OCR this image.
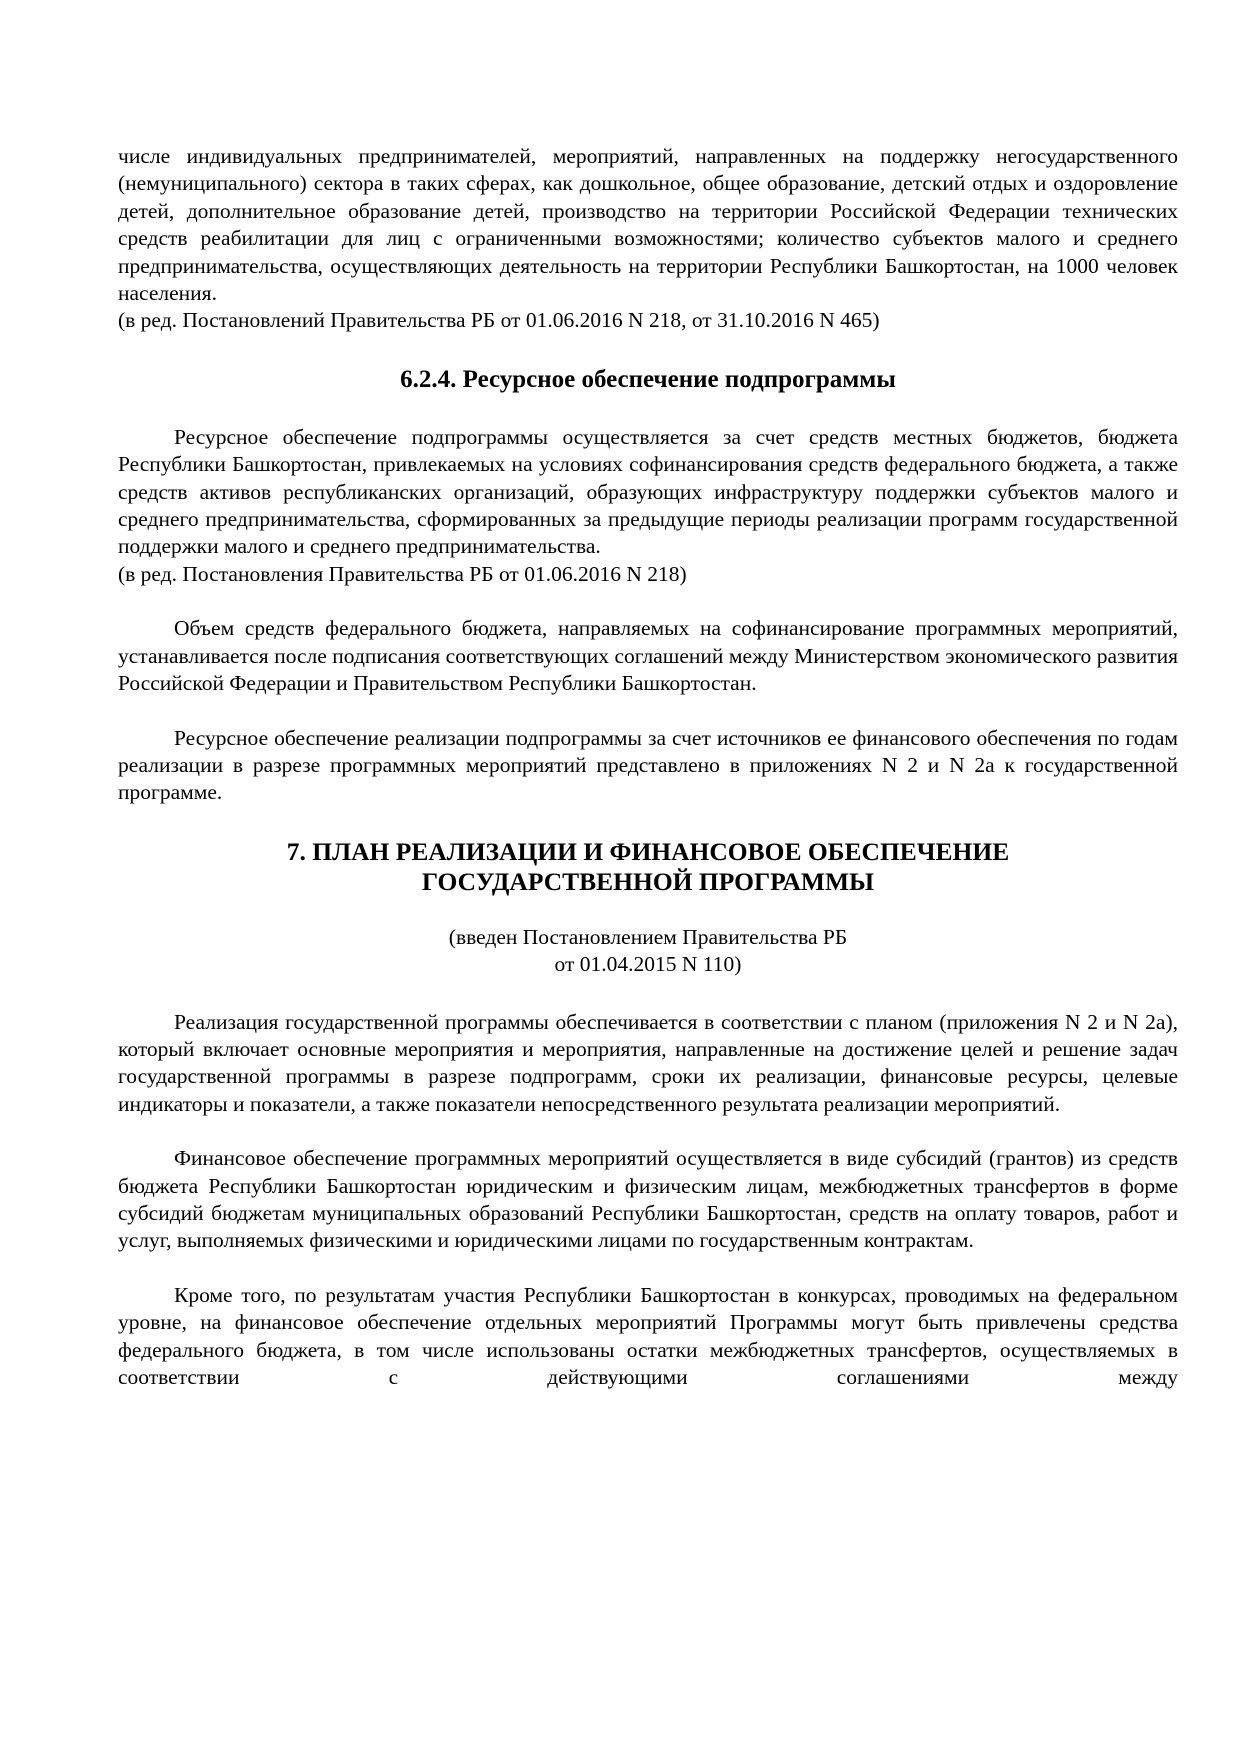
числе индивидуальных предпринимателей, мероприятий, направленных на поддержку негосударственного (немуниципального) сектора в таких сферах, как дошкольное, общее образование, детский отдых и оздоровление детей, дополнительное образование детей, производство на территории Российской Федерации технических средств реабилитации для лиц с ограниченными возможностями; количество субъектов малого и среднего предпринимательства, осуществляющих деятельность на территории Республики Башкортостан, на 1000 человек населения.

(в ред. Постановлений Правительства РБ от 01.06.2016 N 218, от 31.10.2016 N 465)

6.2.4. Ресурсное обеспечение подпрограммы

Ресурсное обеспечение подпрограммы осуществляется за счет средств местных бюджетов, бюджета Республики Башкортостан, привлекаемых на условиях софинансирования средств федерального бюджета, а также средств активов республиканских организаций, образующих инфраструктуру поддержки субъектов малого и среднего предпринимательства, сформированных за предыдущие периоды реализации программ государственной поддержки малого и среднего предпринимательства.

(в ред. Постановления Правительства РБ от 01.06.2016 N 218)

Объем средств федерального бюджета, направляемых на софинансирование программных мероприятий, устанавливается после подписания соответствующих соглашений между Министерством экономического развития Российской Федерации и Правительством Республики Башкортостан.

Ресурсное обеспечение реализации подпрограммы за счет источников ее финансового обеспечения по годам реализации в разрезе программных мероприятий представлено в приложениях N 2 и N 2а к государственной программе.

7. ПЛАН РЕАЛИЗАЦИИ И ФИНАНСОВОЕ ОБЕСПЕЧЕНИЕ
ГОСУДАРСТВЕННОЙ ПРОГРАММЫ

(введен Постановлением Правительства РБ
от 01.04.2015 N 110)

Реализация государственной программы обеспечивается в соответствии с планом (приложения N 2 и N 2а), который включает основные мероприятия и мероприятия, направленные на достижение целей и решение задач государственной программы в разрезе подпрограмм, сроки их реализации, финансовые ресурсы, целевые индикаторы и показатели, а также показатели непосредственного результата реализации мероприятий.

Финансовое обеспечение программных мероприятий осуществляется в виде субсидий (грантов) из средств бюджета Республики Башкортостан юридическим и физическим лицам, межбюджетных трансфертов в форме субсидий бюджетам муниципальных образований Республики Башкортостан, средств на оплату товаров, работ и услуг, выполняемых физическими и юридическими лицами по государственным контрактам.

Кроме того, по результатам участия Республики Башкортостан в конкурсах, проводимых на федеральном уровне, на финансовое обеспечение отдельных мероприятий Программы могут быть привлечены средства федерального бюджета, в том числе использованы остатки межбюджетных трансфертов, осуществляемых в соответствии с действующими соглашениями между
